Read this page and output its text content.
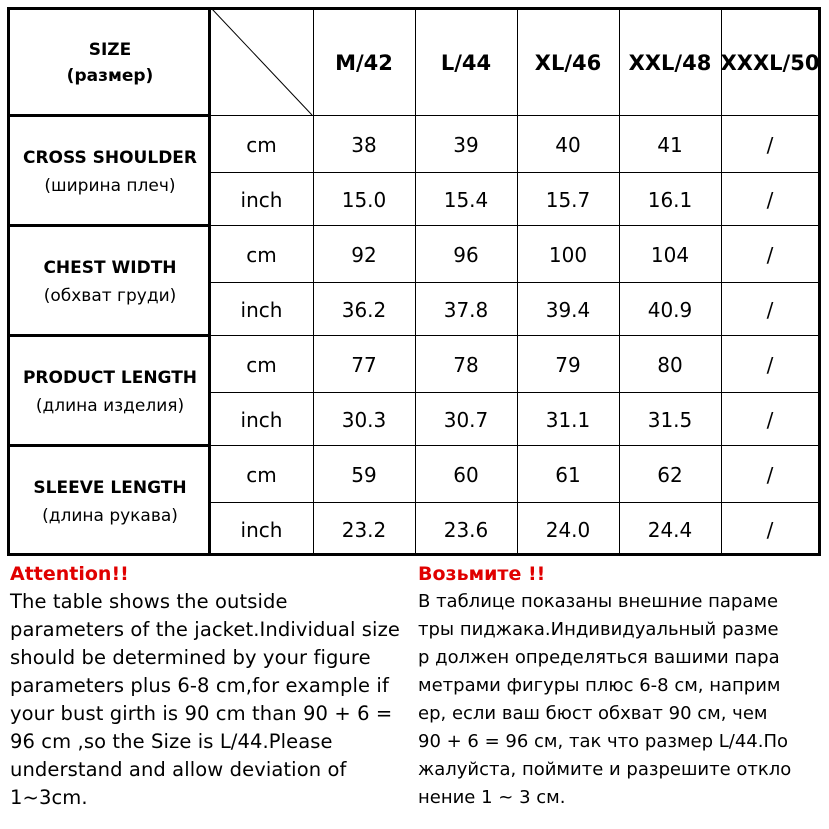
SIZE
(размер)
M/42	L/44	XL/46	XXL/48 XXXL/50
CROSS SHOULDER
(ширина плеч)
cm	38	39	40	41	/
inch	15.0	15.4	15.7	16.1	/
CHEST WIDTH
(обхват груди)
cm	92	96	100	104	/
inch	36.2	37.8	39.4	40.9	/
PRODUCT LENGTH
(длина изделия)
cm	77	78	79	80	/
inch	30.3	30.7	31.1	31.5	/
SLEEVE LENGTH
(длина рукава)
cm	59	60	61	62	/
inch	23.2	23.6	24.0	24.4	/

Attention!!

The table shows the outside

parameters of the jacket.Individual size

should be determined by your figure

parameters plus 6-8 cm,for example if

your bust girth is 90 cm than 90 + 6 =

96 cm ,so the Size is L/44.Please

understand and allow deviation of

1~3cm.

Возьмите !!

В таблице показаны внешние параме

тры пиджака.Индивидуальный разме

р должен определяться вашими пара

метрами фигуры плюс 6-8 см, наприм

ер, если ваш бюст обхват 90 см, чем

90 + 6 = 96 см, так что размер L/44.По

жалуйста, поймите и разрешите откло

нение 1 ~ 3 см.
